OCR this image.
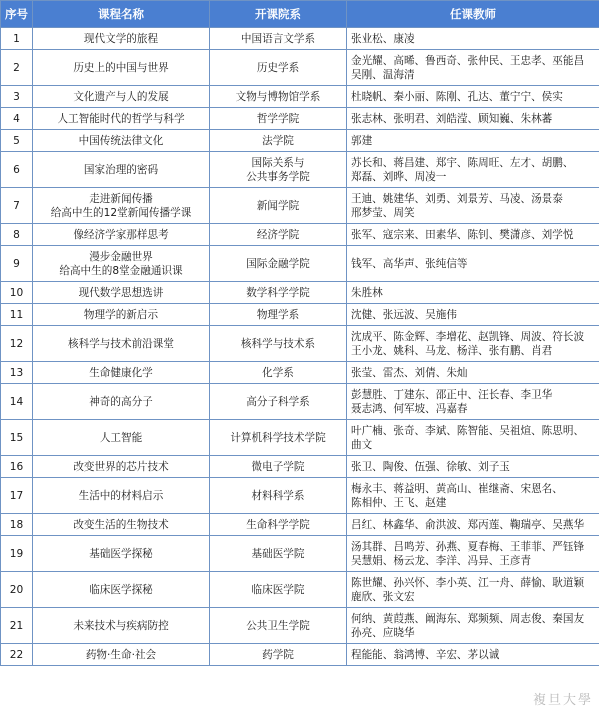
序号	课程名称	开课院系	任课教师
1	现代文学的旅程	中国语言文学系	张业松、康凌

2	历史上的中国与世界	历史学系	金光耀、高晞、鲁西奇、张仲民、王忠孝、巫能昌
吴刚、温海清

3	文化遗产与人的发展	文物与博物馆学系	杜晓帆、秦小丽、陈刚、孔达、董宁宁、侯实

4	人工智能时代的哲学与科学	哲学学院	张志林、张明君、刘皓滢、顾知巍、朱林蕃

5	中国传统法律文化	法学院	郭建

6	国家治理的密码	国际关系与
公共事务学院	苏长和、蒋昌建、郑宇、陈周旺、左才、胡鹏、
郑磊、刘晔、周凌一

7	走进新闻传播
给高中生的12堂新闻传播学课	新闻学院	王迪、姚建华、刘勇、刘景芳、马凌、汤景泰
邢梦莹、周笑

8	像经济学家那样思考	经济学院	张军、寇宗来、田素华、陈钊、樊潇彦、刘学悦

9	漫步金融世界
给高中生的8堂金融通识课	国际金融学院	钱军、高华声、张纯信等

10	现代数学思想选讲	数学科学学院	朱胜林

11	物理学的新启示	物理学系	沈健、张远波、吴施伟

12	核科学与技术前沿课堂	核科学与技术系	沈成平、陈金辉、李增花、赵凯锋、周波、符长波
王小龙、姚科、马龙、杨洋、张有鹏、肖君

13	生命健康化学	化学系	张莹、雷杰、刘倩、朱灿

14	神奇的高分子	高分子科学系	彭慧胜、丁建东、邵正中、汪长春、李卫华
聂志鸿、何军坡、冯嘉春

15	人工智能	计算机科学技术学院	叶广楠、张奇、李斌、陈智能、吴祖煊、陈思明、
曲文

16	改变世界的芯片技术	微电子学院	张卫、陶俊、伍强、徐敏、刘子玉

17	生活中的材料启示	材料科学系	梅永丰、蒋益明、黄高山、崔继斋、宋恩名、
陈相仲、王飞、赵建

18	改变生活的生物技术	生命科学学院	吕红、林鑫华、俞洪波、郑丙莲、鞠瑞亭、吴燕华

19	基础医学探秘	基础医学院	汤其群、吕鸣芳、孙燕、夏春梅、王菲菲、严钰锋
吴慧娟、杨云龙、李洋、冯异、王彦青

20	临床医学探秘	临床医学院	陈世耀、孙兴怀、李小英、江一舟、薛愉、耿道颖
鹿欣、张文宏

21	未来技术与疾病防控	公共卫生学院	何纳、黄葭燕、阚海东、郑频频、周志俊、秦国友
孙亮、应晓华

22	药物·生命·社会	药学院	程能能、翁鸿博、辛宏、茅以诚
複旦大學
